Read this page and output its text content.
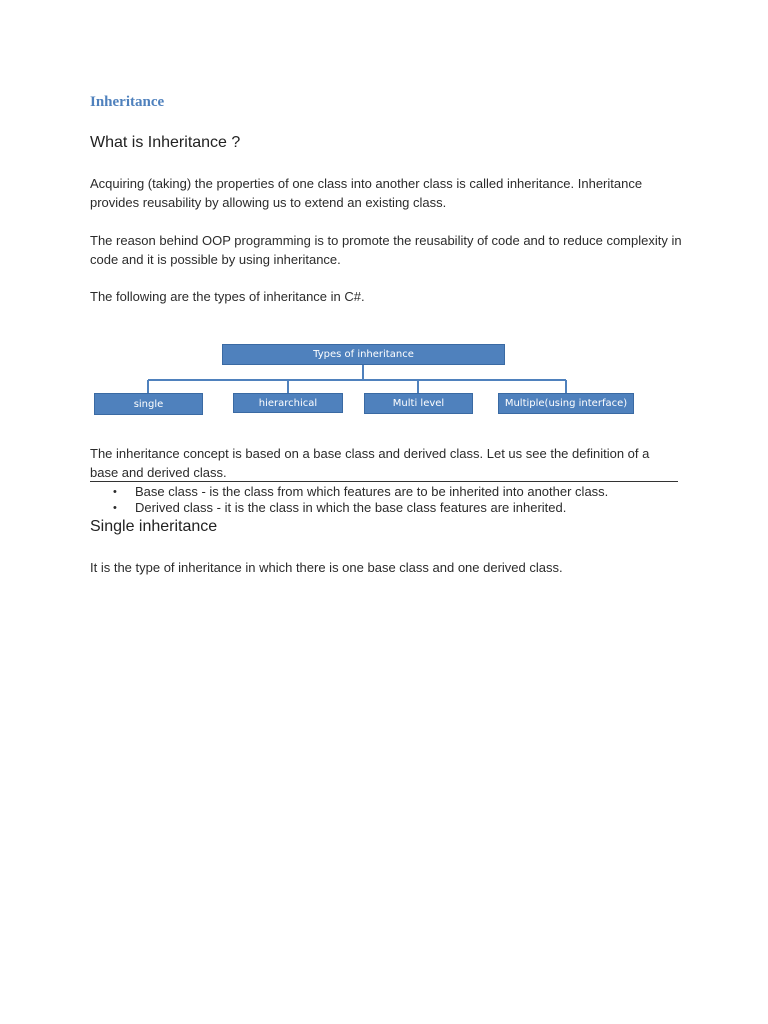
Inheritance
What is Inheritance ?

Acquiring (taking) the properties of one class into another class is called inheritance. Inheritance provides reusability by allowing us to extend an existing class.

The reason behind OOP programming is to promote the reusability of code and to reduce complexity in code and it is possible by using inheritance.

The following are the types of inheritance in C#.

Types of inheritance
single	hierarchical	Multi level	Multiple(using interface)

The inheritance concept is based on a base class and derived class. Let us see the definition of a base and derived class.

• Base class - is the class from which features are to be inherited into another class.
• Derived class - it is the class in which the base class features are inherited.
Single inheritance

It is the type of inheritance in which there is one base class and one derived class.
